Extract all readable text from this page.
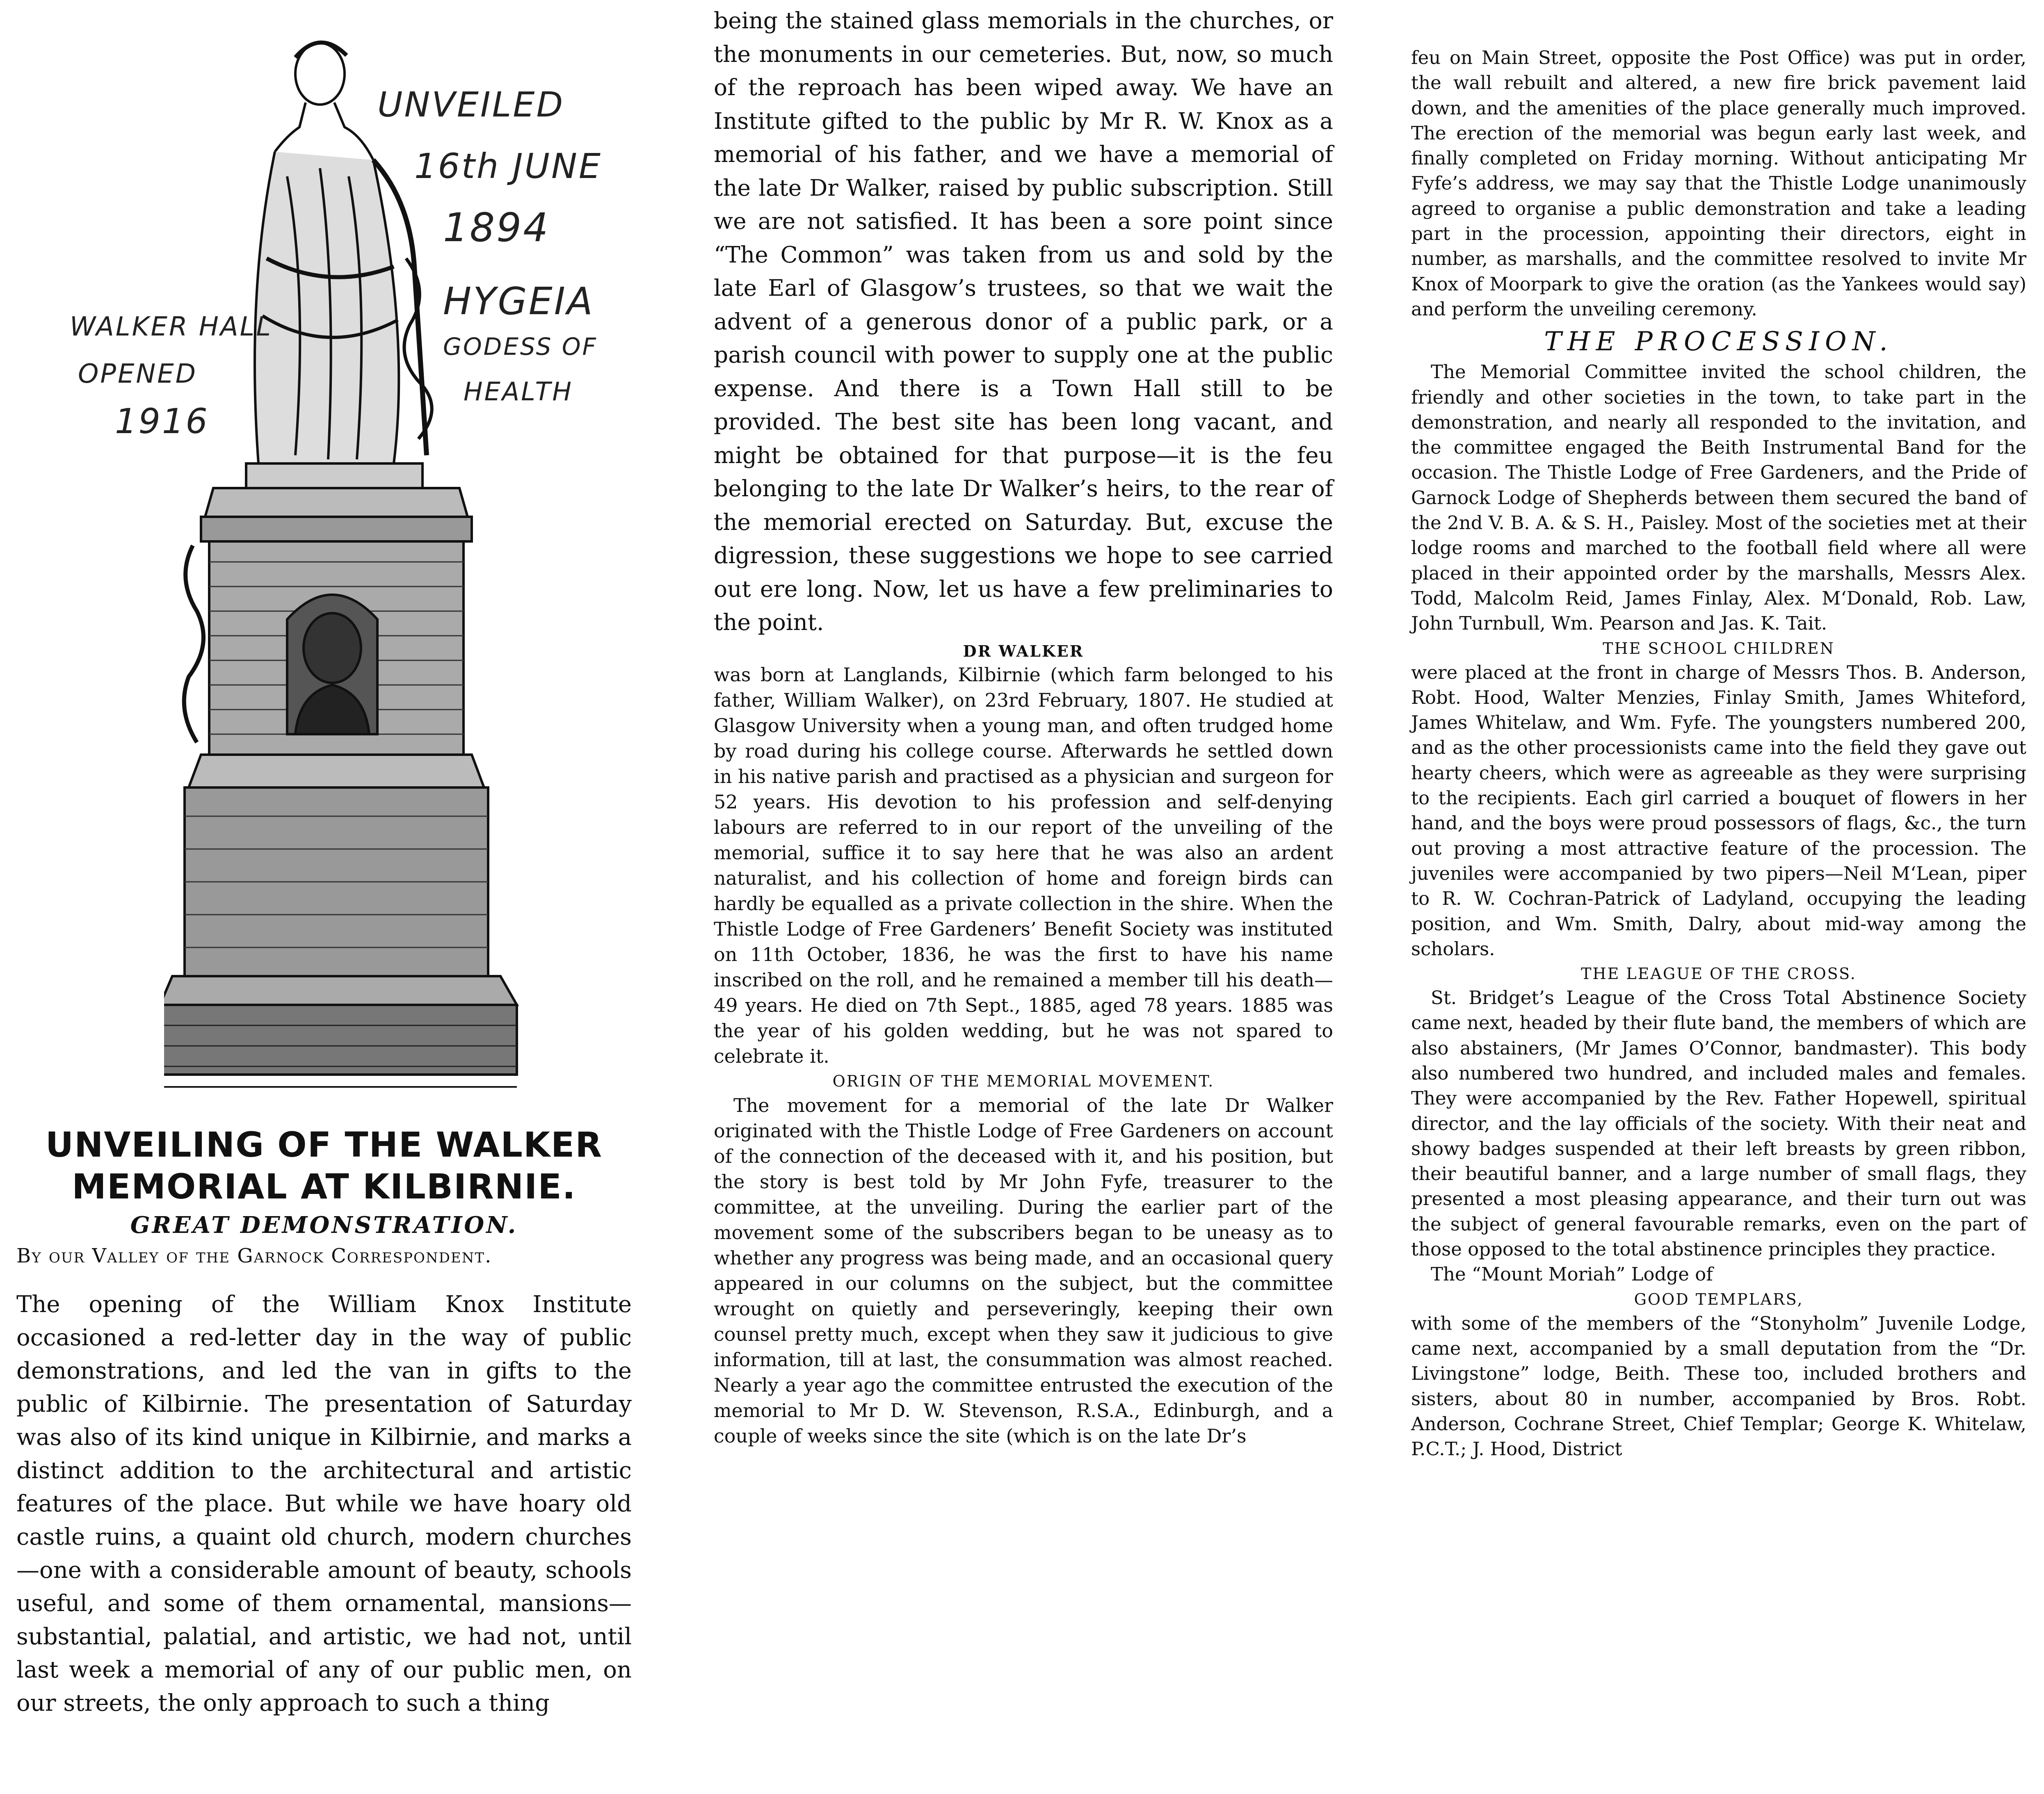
UNVEILED
16th JUNE
1894
HYGEIA
GODESS OF
HEALTH
WALKER HALL
OPENED
1916
UNVEILING OF THE WALKER
MEMORIAL AT KILBIRNIE.
GREAT DEMONSTRATION.
By our Valley of the Garnock Correspondent.

The opening of the William Knox Institute occasioned a red-letter day in the way of public demonstrations, and led the van in gifts to the public of Kilbirnie. The presentation of Saturday was also of its kind unique in Kilbirnie, and marks a distinct addition to the architectural and artistic features of the place. But while we have hoary old castle ruins, a quaint old church, modern churches—one with a considerable amount of beauty, schools useful, and some of them ornamental, mansions—substantial, palatial, and artistic, we had not, until last week a memorial of any of our public men, on our streets, the only approach to such a thing

being the stained glass memorials in the churches, or the monuments in our cemeteries. But, now, so much of the reproach has been wiped away. We have an Institute gifted to the public by Mr R. W. Knox as a memorial of his father, and we have a memorial of the late Dr Walker, raised by public subscription. Still we are not satisfied. It has been a sore point since “The Common” was taken from us and sold by the late Earl of Glasgow’s trustees, so that we wait the advent of a generous donor of a public park, or a parish council with power to supply one at the public expense. And there is a Town Hall still to be provided. The best site has been long vacant, and might be obtained for that purpose—it is the feu belonging to the late Dr Walker’s heirs, to the rear of the memorial erected on Saturday. But, excuse the digression, these suggestions we hope to see carried out ere long. Now, let us have a few preliminaries to the point.

DR WALKER

was born at Langlands, Kilbirnie (which farm belonged to his father, William Walker), on 23rd February, 1807. He studied at Glasgow University when a young man, and often trudged home by road during his college course. Afterwards he settled down in his native parish and practised as a physician and surgeon for 52 years. His devotion to his profession and self-denying labours are referred to in our report of the unveiling of the memorial, suffice it to say here that he was also an ardent naturalist, and his collection of home and foreign birds can hardly be equalled as a private collection in the shire. When the Thistle Lodge of Free Gardeners’ Benefit Society was instituted on 11th October, 1836, he was the first to have his name inscribed on the roll, and he remained a member till his death—49 years. He died on 7th Sept., 1885, aged 78 years. 1885 was the year of his golden wedding, but he was not spared to celebrate it.

ORIGIN OF THE MEMORIAL MOVEMENT.

The movement for a memorial of the late Dr Walker originated with the Thistle Lodge of Free Gardeners on account of the connection of the deceased with it, and his position, but the story is best told by Mr John Fyfe, treasurer to the committee, at the unveiling. During the earlier part of the movement some of the subscribers began to be uneasy as to whether any progress was being made, and an occasional query appeared in our columns on the subject, but the committee wrought on quietly and perseveringly, keeping their own counsel pretty much, except when they saw it judicious to give information, till at last, the consummation was almost reached. Nearly a year ago the committee entrusted the execution of the memorial to Mr D. W. Stevenson, R.S.A., Edinburgh, and a couple of weeks since the site (which is on the late Dr’s

feu on Main Street, opposite the Post Office) was put in order, the wall rebuilt and altered, a new fire brick pavement laid down, and the amenities of the place generally much improved. The erection of the memorial was begun early last week, and finally completed on Friday morning. Without anticipating Mr Fyfe’s address, we may say that the Thistle Lodge unanimously agreed to organise a public demonstration and take a leading part in the procession, appointing their directors, eight in number, as marshalls, and the committee resolved to invite Mr Knox of Moorpark to give the oration (as the Yankees would say) and perform the unveiling ceremony.

THE PROCESSION.

The Memorial Committee invited the school children, the friendly and other societies in the town, to take part in the demonstration, and nearly all responded to the invitation, and the committee engaged the Beith Instrumental Band for the occasion. The Thistle Lodge of Free Gardeners, and the Pride of Garnock Lodge of Shepherds between them secured the band of the 2nd V. B. A. & S. H., Paisley. Most of the societies met at their lodge rooms and marched to the football field where all were placed in their appointed order by the marshalls, Messrs Alex. Todd, Malcolm Reid, James Finlay, Alex. M‘Donald, Rob. Law, John Turnbull, Wm. Pearson and Jas. K. Tait.

THE SCHOOL CHILDREN

were placed at the front in charge of Messrs Thos. B. Anderson, Robt. Hood, Walter Menzies, Finlay Smith, James Whiteford, James Whitelaw, and Wm. Fyfe. The youngsters numbered 200, and as the other processionists came into the field they gave out hearty cheers, which were as agreeable as they were surprising to the recipients. Each girl carried a bouquet of flowers in her hand, and the boys were proud possessors of flags, &c., the turn out proving a most attractive feature of the procession. The juveniles were accompanied by two pipers—Neil M‘Lean, piper to R. W. Cochran-Patrick of Ladyland, occupying the leading position, and Wm. Smith, Dalry, about mid-way among the scholars.

THE LEAGUE OF THE CROSS.

St. Bridget’s League of the Cross Total Abstinence Society came next, headed by their flute band, the members of which are also abstainers, (Mr James O’Connor, bandmaster). This body also numbered two hundred, and included males and females. They were accompanied by the Rev. Father Hopewell, spiritual director, and the lay officials of the society. With their neat and showy badges suspended at their left breasts by green ribbon, their beautiful banner, and a large number of small flags, they presented a most pleasing appearance, and their turn out was the subject of general favourable remarks, even on the part of those opposed to the total abstinence principles they practice.

The “Mount Moriah” Lodge of

GOOD TEMPLARS,

with some of the members of the “Stonyholm” Juvenile Lodge, came next, accompanied by a small deputation from the “Dr. Livingstone” lodge, Beith. These too, included brothers and sisters, about 80 in number, accompanied by Bros. Robt. Anderson, Cochrane Street, Chief Templar; George K. Whitelaw, P.C.T.; J. Hood, District
